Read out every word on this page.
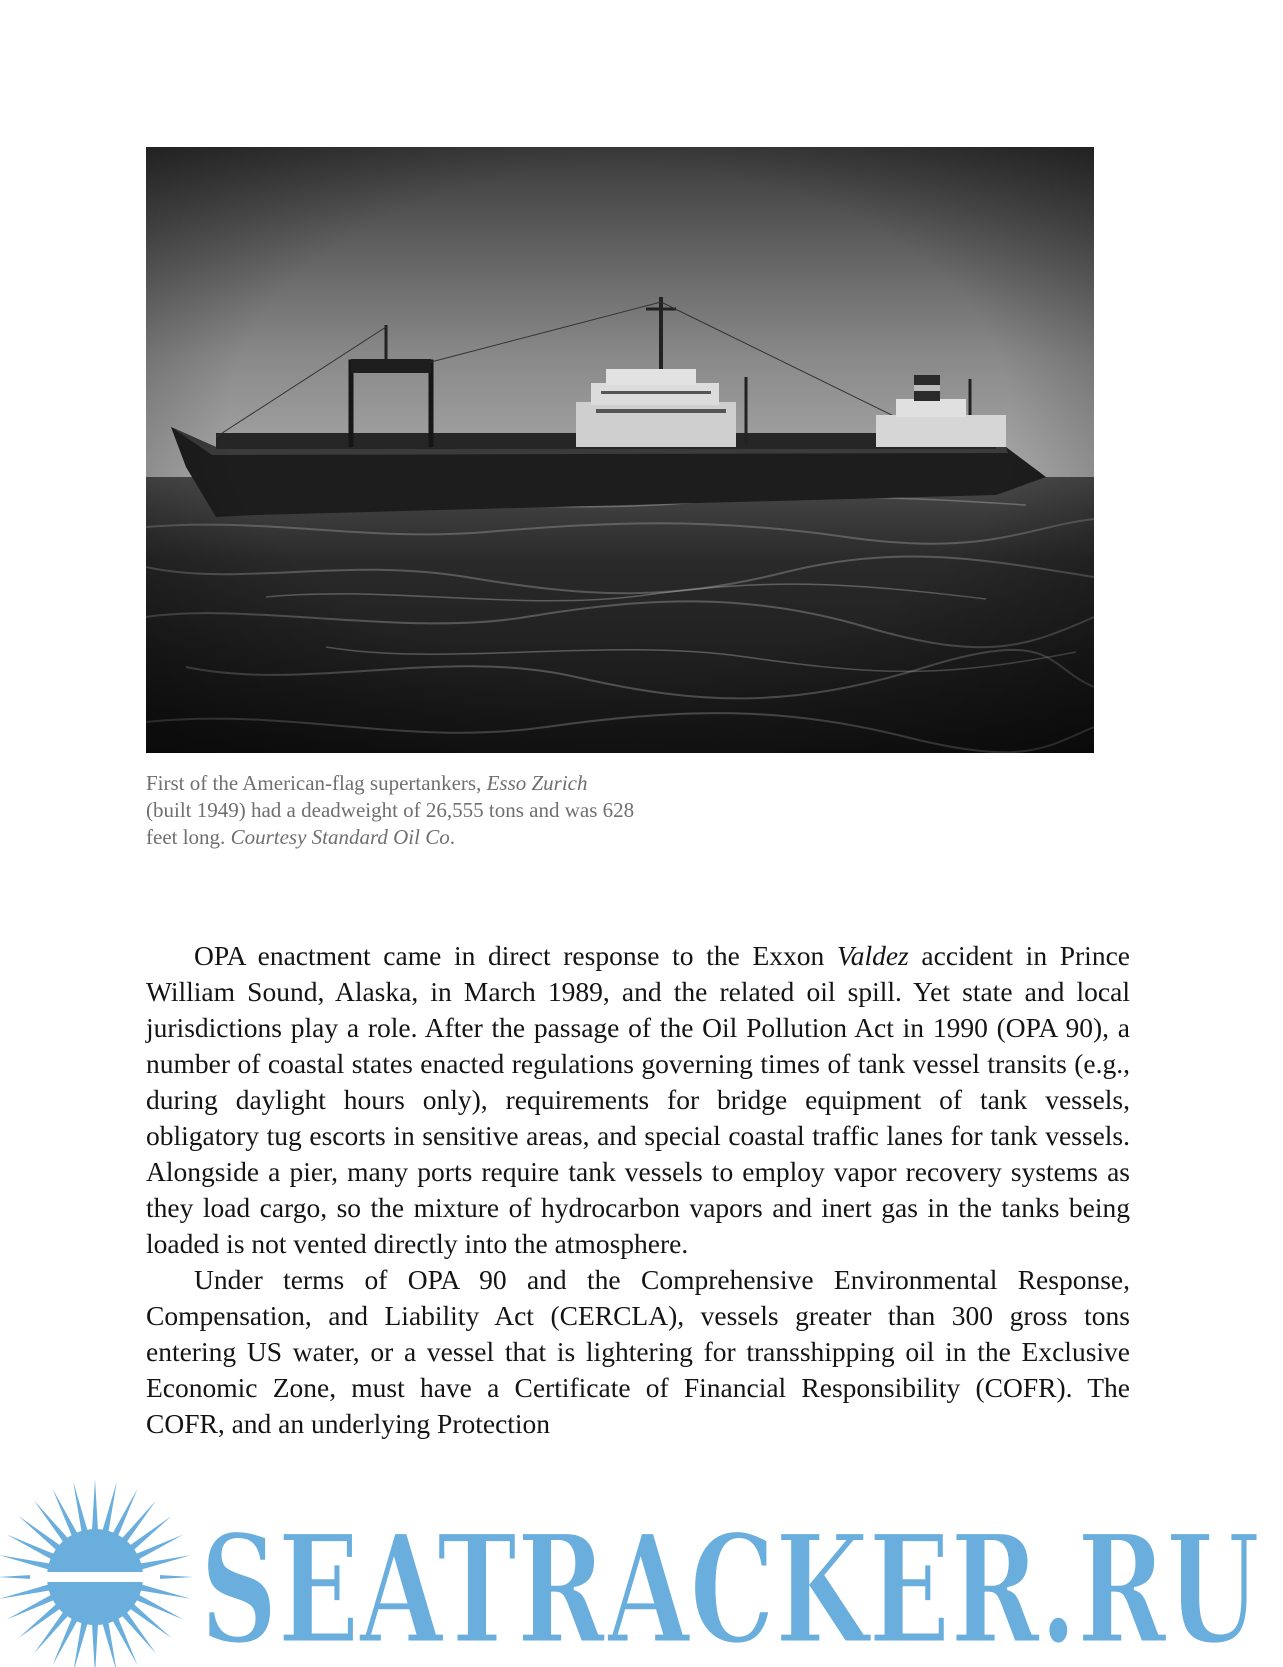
First of the American-flag supertankers, Esso Zurich (built 1949) had a deadweight of 26,555 tons and was 628 feet long. Courtesy Standard Oil Co.

OPA enactment came in direct response to the Exxon Valdez accident in Prince William Sound, Alaska, in March 1989, and the related oil spill. Yet state and local jurisdictions play a role. After the passage of the Oil Pollution Act in 1990 (OPA 90), a number of coastal states enacted regulations governing times of tank vessel transits (e.g., during daylight hours only), requirements for bridge equipment of tank vessels, obligatory tug escorts in sensitive areas, and special coastal traffic lanes for tank vessels. Alongside a pier, many ports require tank vessels to employ vapor recovery systems as they load cargo, so the mixture of hydrocarbon vapors and inert gas in the tanks being loaded is not vented directly into the atmosphere.

Under terms of OPA 90 and the Comprehensive Environmental Response, Compensation, and Liability Act (CERCLA), vessels greater than 300 gross tons entering US water, or a vessel that is lightering for transshipping oil in the Exclusive Economic Zone, must have a Certificate of Financial Responsibility (COFR). The COFR, and an underlying Protection

SEATRACKER.RU
